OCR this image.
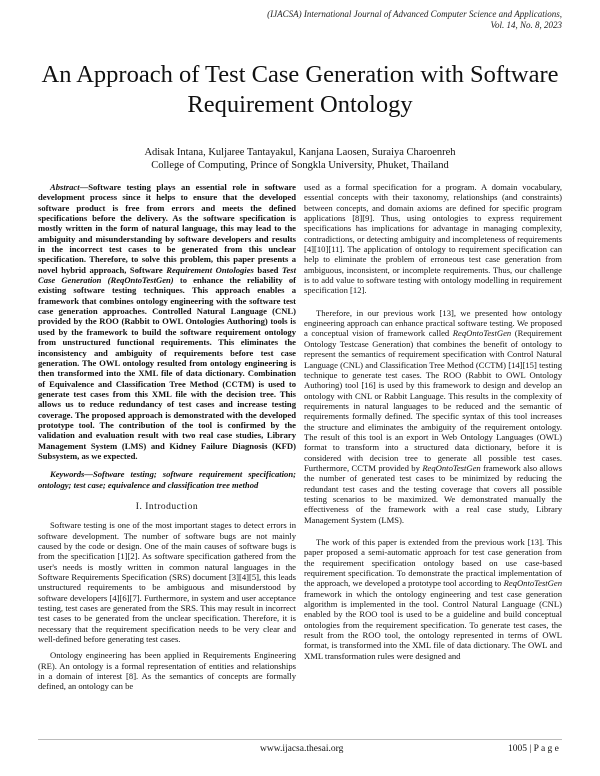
(IJACSA) International Journal of Advanced Computer Science and Applications,
Vol. 14, No. 8, 2023
An Approach of Test Case Generation with Software Requirement Ontology
Adisak Intana, Kuljaree Tantayakul, Kanjana Laosen, Suraiya Charoenreh
College of Computing, Prince of Songkla University, Phuket, Thailand

Abstract—Software testing plays an essential role in software development process since it helps to ensure that the developed software product is free from errors and meets the defined specifications before the delivery. As the software specification is mostly written in the form of natural language, this may lead to the ambiguity and misunderstanding by software developers and results in the incorrect test cases to be generated from this unclear specification. Therefore, to solve this problem, this paper presents a novel hybrid approach, Software Requirement Ontologies based Test Case Generation (ReqOntoTestGen) to enhance the reliability of existing software testing techniques. This approach enables a framework that combines ontology engineering with the software test case generation approaches. Controlled Natural Language (CNL) provided by the ROO (Rabbit to OWL Ontologies Authoring) tools is used by the framework to build the software requirement ontology from unstructured functional requirements. This eliminates the inconsistency and ambiguity of requirements before test case generation. The OWL ontology resulted from ontology engineering is then transformed into the XML file of data dictionary. Combination of Equivalence and Classification Tree Method (CCTM) is used to generate test cases from this XML file with the decision tree. This allows us to reduce redundancy of test cases and increase testing coverage. The proposed approach is demonstrated with the developed prototype tool. The contribution of the tool is confirmed by the validation and evaluation result with two real case studies, Library Management System (LMS) and Kidney Failure Diagnosis (KFD) Subsystem, as we expected.

Keywords—Software testing; software requirement specification; ontology; test case; equivalence and classification tree method

I. Introduction

Software testing is one of the most important stages to detect errors in software development. The number of software bugs are not mainly caused by the code or design. One of the main causes of software bugs is from the specification [1][2]. As software specification gathered from the user's needs is mostly written in common natural languages in the Software Requirements Specification (SRS) document [3][4][5], this leads unstructured requirements to be ambiguous and misunderstood by software developers [4][6][7]. Furthermore, in system and user acceptance testing, test cases are generated from the SRS. This may result in incorrect test cases to be generated from the unclear specification. Therefore, it is necessary that the requirement specification needs to be very clear and well-defined before generating test cases.

Ontology engineering has been applied in Requirements Engineering (RE). An ontology is a formal representation of entities and relationships in a domain of interest [8]. As the semantics of concepts are formally defined, an ontology can be

used as a formal specification for a program. A domain vocabulary, essential concepts with their taxonomy, relationships (and constraints) between concepts, and domain axioms are defined for specific program applications [8][9]. Thus, using ontologies to express requirement specifications has implications for advantage in managing complexity, contradictions, or detecting ambiguity and incompleteness of requirements [4][10][11]. The application of ontology to requirement specification can help to eliminate the problem of erroneous test case generation from ambiguous, inconsistent, or incomplete requirements. Thus, our challenge is to add value to software testing with ontology modelling in requirement specification [12].

Therefore, in our previous work [13], we presented how ontology engineering approach can enhance practical software testing. We proposed a conceptual vision of framework called ReqOntoTestGen (Requirement Ontology Testcase Generation) that combines the benefit of ontology to represent the semantics of requirement specification with Control Natural Language (CNL) and Classification Tree Method (CCTM) [14][15] testing technique to generate test cases. The ROO (Rabbit to OWL Ontology Authoring) tool [16] is used by this framework to design and develop an ontology with CNL or Rabbit Language. This results in the complexity of requirements in natural languages to be reduced and the semantic of requirements formally defined. The specific syntax of this tool increases the structure and eliminates the ambiguity of the requirement ontology. The result of this tool is an export in Web Ontology Languages (OWL) format to transform into a structured data dictionary, before it is considered with decision tree to generate all possible test cases. Furthermore, CCTM provided by ReqOntoTestGen framework also allows the number of generated test cases to be minimized by reducing the redundant test cases and the testing coverage that covers all possible testing scenarios to be maximized. We demonstrated manually the effectiveness of the framework with a real case study, Library Management System (LMS).

The work of this paper is extended from the previous work [13]. This paper proposed a semi-automatic approach for test case generation from the requirement specification ontology based on use case-based requirement specification. To demonstrate the practical implementation of the approach, we developed a prototype tool according to ReqOntoTestGen framework in which the ontology engineering and test case generation algorithm is implemented in the tool. Control Natural Language (CNL) enabled by the ROO tool is used to be a guideline and build conceptual ontologies from the requirement specification. To generate test cases, the result from the ROO tool, the ontology represented in terms of OWL format, is transformed into the XML file of data dictionary. The OWL and XML transformation rules were designed and

www.ijacsa.thesai.org	1005 | P a g e
